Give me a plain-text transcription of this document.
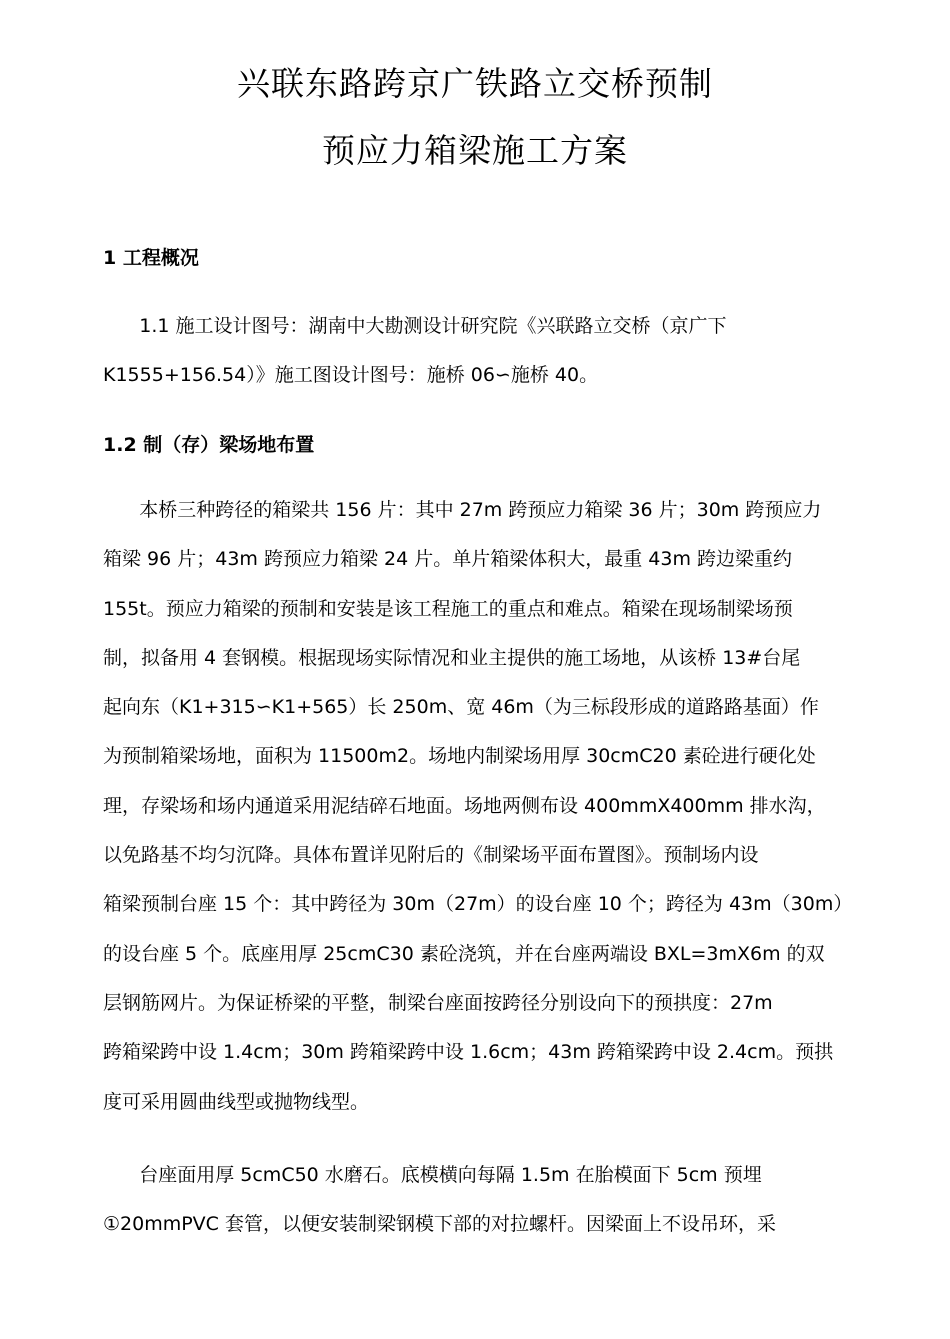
兴联东路跨京广铁路立交桥预制
预应力箱梁施工方案
1 工程概况

1.1 施工设计图号：湖南中大勘测设计研究院《兴联路立交桥（京广下
K1555+156.54）》施工图设计图号：施桥 06∽施桥 40。

1.2 制（存）梁场地布置

本桥三种跨径的箱梁共 156 片：其中 27m 跨预应力箱梁 36 片；30m 跨预应力
箱梁 96 片；43m 跨预应力箱梁 24 片。单片箱梁体积大，最重 43m 跨边梁重约
155t。预应力箱梁的预制和安装是该工程施工的重点和难点。箱梁在现场制梁场预
制，拟备用 4 套钢模。根据现场实际情况和业主提供的施工场地，从该桥 13#台尾
起向东（K1+315∽K1+565）长 250m、宽 46m（为三标段形成的道路路基面）作
为预制箱梁场地，面积为 11500m2。场地内制梁场用厚 30cmC20 素砼进行硬化处
理，存梁场和场内通道采用泥结碎石地面。场地两侧布设 400mmX400mm 排水沟，
以免路基不均匀沉降。具体布置详见附后的《制梁场平面布置图》。预制场内设
箱梁预制台座 15 个：其中跨径为 30m（27m）的设台座 10 个；跨径为 43m（30m）
的设台座 5 个。底座用厚 25cmC30 素砼浇筑，并在台座两端设 BXL=3mX6m 的双
层钢筋网片。为保证桥梁的平整，制梁台座面按跨径分别设向下的预拱度：27m
跨箱梁跨中设 1.4cm；30m 跨箱梁跨中设 1.6cm；43m 跨箱梁跨中设 2.4cm。预拱
度可采用圆曲线型或抛物线型。

台座面用厚 5cmC50 水磨石。底模横向每隔 1.5m 在胎模面下 5cm 预埋
①20mmPVC 套管，以便安装制梁钢模下部的对拉螺杆。因梁面上不设吊环，采
